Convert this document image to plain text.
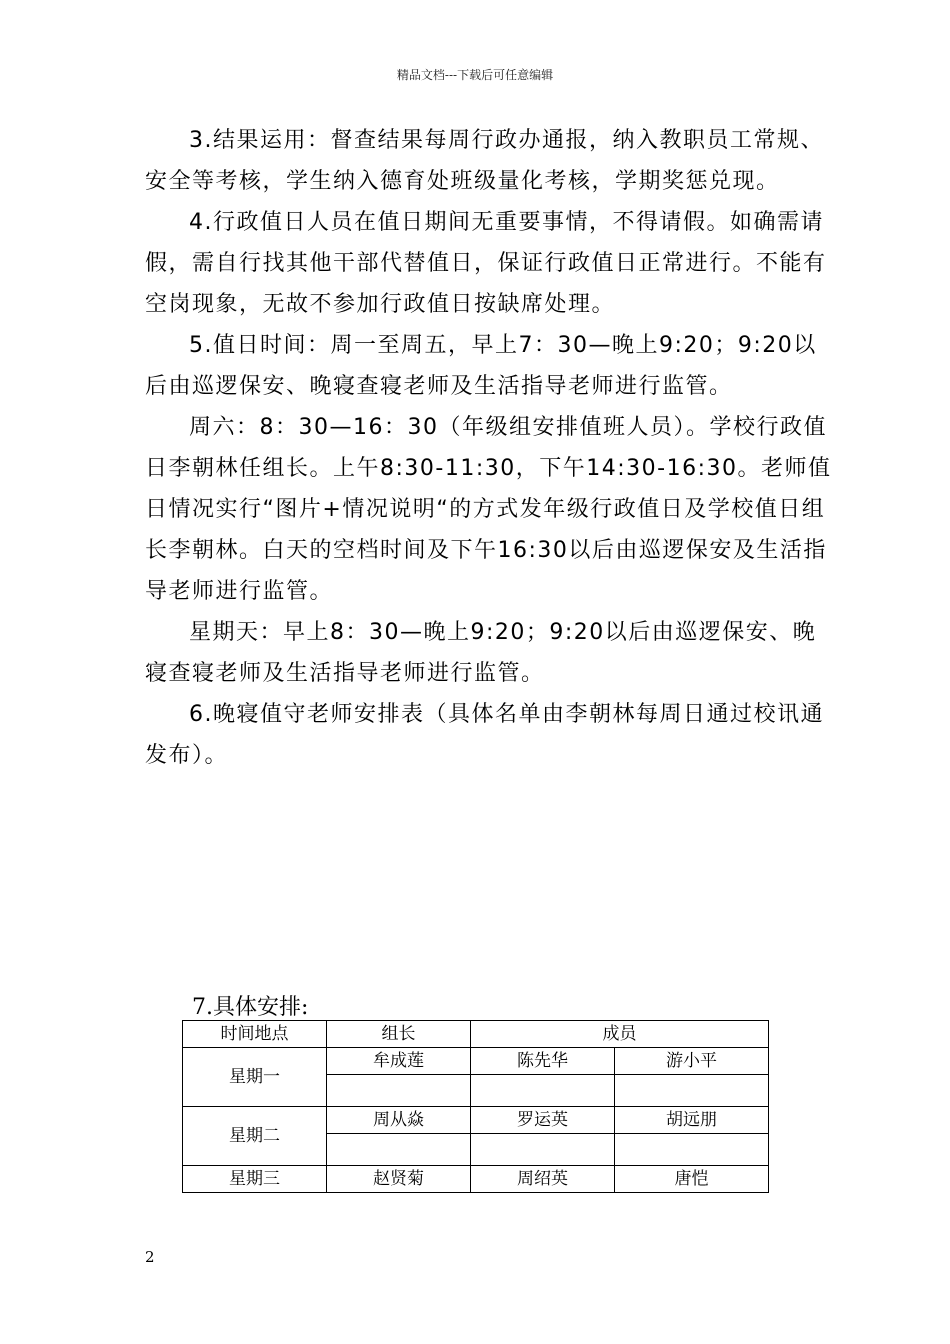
精品文档---下载后可任意编辑

3.结果运用：督查结果每周行政办通报，纳入教职员工常规、安全等考核，学生纳入德育处班级量化考核，学期奖惩兑现。

4.行政值日人员在值日期间无重要事情，不得请假。如确需请假，需自行找其他干部代替值日，保证行政值日正常进行。不能有空岗现象，无故不参加行政值日按缺席处理。

5.值日时间：周一至周五，早上7：30—晚上9:20；9:20以后由巡逻保安、晚寝查寝老师及生活指导老师进行监管。

周六：8：30—16：30（年级组安排值班人员）。学校行政值日李朝林任组长。上午8:30-11:30，下午14:30-16:30。老师值日情况实行“图片+情况说明“的方式发年级行政值日及学校值日组长李朝林。白天的空档时间及下午16:30以后由巡逻保安及生活指导老师进行监管。

星期天：早上8：30—晚上9:20；9:20以后由巡逻保安、晚寝查寝老师及生活指导老师进行监管。

6.晚寝值守老师安排表（具体名单由李朝林每周日通过校讯通发布）。

7.具体安排:
时间地点	组长	成员	
星期一	牟成莲	陈先华	游小平

星期二	周从焱	罗运英	胡远朋

星期三	赵贤菊	周绍英	唐恺
2
